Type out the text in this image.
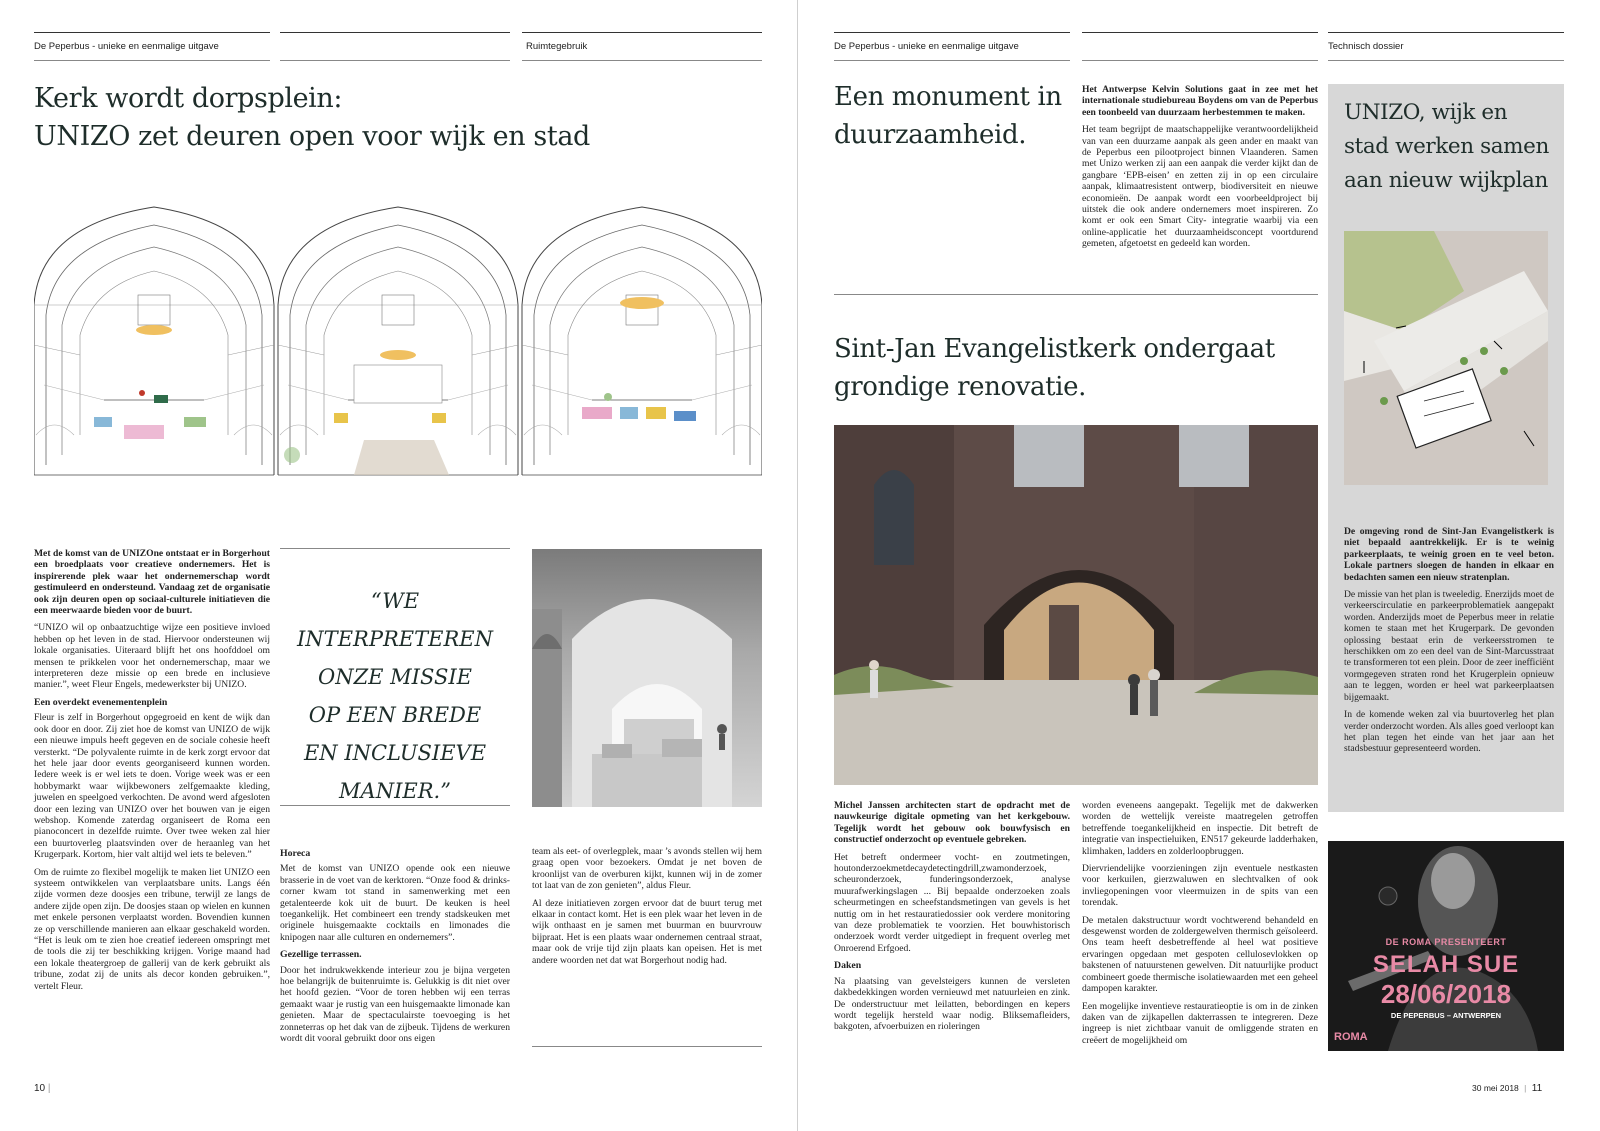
De Peperbus - unieke en eenmalige uitgave	Ruimtegebruik
Kerk wordt dorpsplein:
UNIZO zet deuren open voor wijk en stad

Met de komst van de UNIZOne ontstaat er in Borgerhout een broedplaats voor creatieve ondernemers. Het is inspirerende plek waar het ondernemerschap wordt gestimuleerd en ondersteund. Vandaag zet de organisatie ook zijn deuren open op sociaal-culturele initiatieven die een meerwaarde bieden voor de buurt.

“UNIZO wil op onbaatzuchtige wijze een positieve invloed hebben op het leven in de stad. Hiervoor ondersteunen wij lokale organisaties. Uiteraard blijft het ons hoofddoel om mensen te prikkelen voor het ondernemerschap, maar we interpreteren deze missie op een brede en inclusieve manier.”, weet Fleur Engels, medewerkster bij UNIZO.

Een overdekt evenementenplein

Fleur is zelf in Borgerhout opgegroeid en kent de wijk dan ook door en door. Zij ziet hoe de komst van UNIZO de wijk een nieuwe impuls heeft gegeven en de sociale cohesie heeft versterkt. “De polyvalente ruimte in de kerk zorgt ervoor dat het hele jaar door events georganiseerd kunnen worden. Iedere week is er wel iets te doen. Vorige week was er een hobbymarkt waar wijkbewoners zelfgemaakte kleding, juwelen en speelgoed verkochten. De avond werd afgesloten door een lezing van UNIZO over het bouwen van je eigen webshop. Komende zaterdag organiseert de Roma een pianoconcert in dezelfde ruimte. Over twee weken zal hier een buurtoverleg plaatsvinden over de heraanleg van het Krugerpark. Kortom, hier valt altijd wel iets te beleven.”

Om de ruimte zo flexibel mogelijk te maken liet UNIZO een systeem ontwikkelen van verplaatsbare units. Langs één zijde vormen deze doosjes een tribune, terwijl ze langs de andere zijde open zijn. De doosjes staan op wielen en kunnen met enkele personen verplaatst worden. Bovendien kunnen ze op verschillende manieren aan elkaar geschakeld worden. “Het is leuk om te zien hoe creatief iedereen omspringt met de tools die zij ter beschikking krijgen. Vorige maand had een lokale theatergroep de gallerij van de kerk gebruikt als tribune, zodat zij de units als decor konden gebruiken.”, vertelt Fleur.

“WE INTERPRETEREN
ONZE MISSIE
OP EEN BREDE
EN INCLUSIEVE
MANIER.”
Horeca

Met de komst van UNIZO opende ook een nieuwe brasserie in de voet van de kerktoren. “Onze food & drinks-corner kwam tot stand in samenwerking met een getalenteerde kok uit de buurt. De keuken is heel toegankelijk. Het combineert een trendy stadskeuken met originele huisgemaakte cocktails en limonades die knipogen naar alle culturen en ondernemers”.

Gezellige terrassen.

Door het indrukwekkende interieur zou je bijna vergeten hoe belangrijk de buitenruimte is. Gelukkig is dit niet over het hoofd gezien. “Voor de toren hebben wij een terras gemaakt waar je rustig van een huisgemaakte limonade kan genieten. Maar de spectaculairste toevoeging is het zonneterras op het dak van de zijbeuk. Tijdens de werkuren wordt dit vooral gebruikt door ons eigen

team als eet- of overlegplek, maar ’s avonds stellen wij hem graag open voor bezoekers. Omdat je net boven de kroonlijst van de overburen kijkt, kunnen wij in de zomer tot laat van de zon genieten”, aldus Fleur.

Al deze initiatieven zorgen ervoor dat de buurt terug met elkaar in contact komt. Het is een plek waar het leven in de wijk onthaast en je samen met buurman en buurvrouw bijpraat. Het is een plaats waar ondernemen centraal straat, maar ook de vrije tijd zijn plaats kan opeisen. Het is met andere woorden net dat wat Borgerhout nodig had.

10 |
De Peperbus - unieke en eenmalige uitgave	Technisch dossier
Een monument in
duurzaamheid.

Het Antwerpse Kelvin Solutions gaat in zee met het internationale studiebureau Boydens om van de Peperbus een toonbeeld van duurzaam herbestemmen te maken.

Het team begrijpt de maatschappelijke verantwoordelijkheid van van een duurzame aanpak als geen ander en maakt van de Peperbus een pilootproject binnen Vlaanderen. Samen met Unizo werken zij aan een aanpak die verder kijkt dan de gangbare ‘EPB-eisen’ en zetten zij in op een circulaire aanpak, klimaatresistent ontwerp, biodiversiteit en nieuwe economieën. De aanpak wordt een voorbeeldproject bij uitstek die ook andere ondernemers moet inspireren. Zo komt er ook een Smart City- integratie waarbij via een online-applicatie het duurzaamheidsconcept voortdurend gemeten, afgetoetst en gedeeld kan worden.

Sint-Jan Evangelistkerk ondergaat
grondige renovatie.

Michel Janssen architecten start de opdracht met de nauwkeurige digitale opmeting van het kerkgebouw. Tegelijk wordt het gebouw ook bouwfysisch en constructief onderzocht op eventuele gebreken.

Het betreft ondermeer vocht- en zoutmetingen, houtonderzoekmetdecaydetectingdrill,zwamonderzoek, scheuronderzoek, funderingsonderzoek, analyse muurafwerkingslagen ... Bij bepaalde onderzoeken zoals scheurmetingen en scheefstandsmetingen van gevels is het nuttig om in het restauratiedossier ook verdere monitoring van deze problematiek te voorzien. Het bouwhistorisch onderzoek wordt verder uitgediept in frequent overleg met Onroerend Erfgoed.

Daken

Na plaatsing van gevelsteigers kunnen de versleten dakbedekkingen worden vernieuwd met natuurleien en zink. De onderstructuur met leilatten, bebordingen en kepers wordt tegelijk hersteld waar nodig. Bliksemafleiders, bakgoten, afvoerbuizen en rioleringen

worden eveneens aangepakt. Tegelijk met de dakwerken worden de wettelijk vereiste maatregelen getroffen betreffende toegankelijkheid en inspectie. Dit betreft de integratie van inspectieluiken, EN517 gekeurde ladderhaken, klimhaken, ladders en zolderloopbruggen.

Diervriendelijke voorzieningen zijn eventuele nestkasten voor kerkuilen, gierzwaluwen en slechtvalken of ook invliegopeningen voor vleermuizen in de spits van een torendak.

De metalen dakstructuur wordt vochtwerend behandeld en desgewenst worden de zoldergewelven thermisch geïsoleerd. Ons team heeft desbetreffende al heel wat positieve ervaringen opgedaan met gespoten cellulosevlokken op bakstenen of natuurstenen gewelven. Dit natuurlijke product combineert goede thermische isolatiewaarden met een geheel dampopen karakter.

Een mogelijke inventieve restauratieoptie is om in de zinken daken van de zijkapellen dakterrassen te integreren. Deze ingreep is niet zichtbaar vanuit de omliggende straten en creëert de mogelijkheid om

UNIZO, wijk en
stad werken samen
aan nieuw wijkplan

De omgeving rond de Sint-Jan Evangelistkerk is niet bepaald aantrekkelijk. Er is te weinig parkeerplaats, te weinig groen en te veel beton. Lokale partners sloegen de handen in elkaar en bedachten samen een nieuw stratenplan.

De missie van het plan is tweeledig. Enerzijds moet de verkeerscirculatie en parkeerproblematiek aangepakt worden. Anderzijds moet de Peperbus meer in relatie komen te staan met het Krugerpark. De gevonden oplossing bestaat erin de verkeersstromen te herschikken om zo een deel van de Sint-Marcusstraat te transformeren tot een plein. Door de zeer inefficiënt vormgegeven straten rond het Krugerplein opnieuw aan te leggen, worden er heel wat parkeerplaatsen bijgemaakt.

In de komende weken zal via buurtoverleg het plan verder onderzocht worden. Als alles goed verloopt kan het plan tegen het einde van het jaar aan het stadsbestuur gepresenteerd worden.

DE ROMA PRESENTEERT
SELAH SUE
28/06/2018
DE PEPERBUS – ANTWERPEN
ROMA
30 mei 2018 | 11
